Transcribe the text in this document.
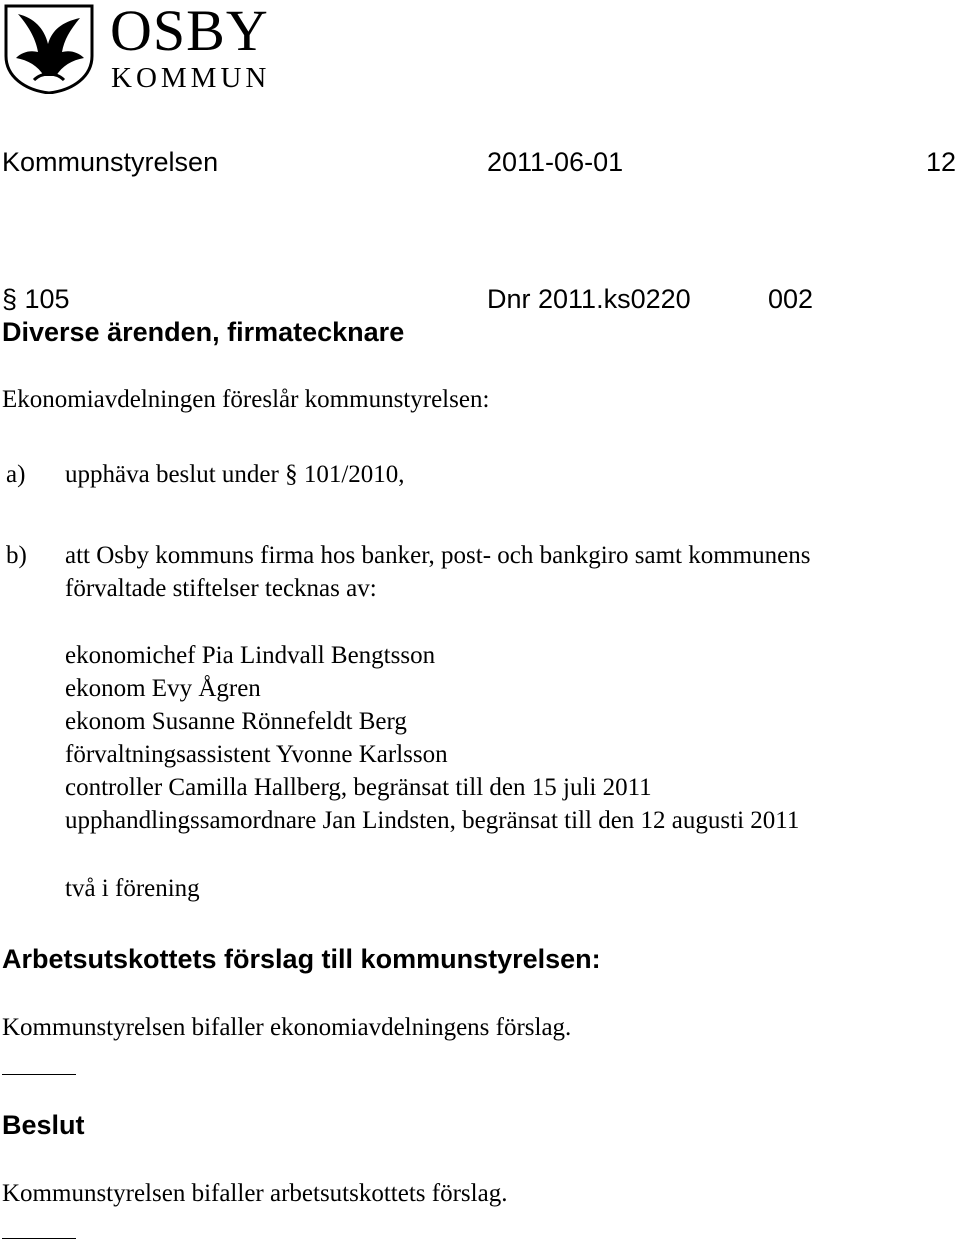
OSBY
KOMMUN
Kommunstyrelsen	2011-06-01	12
§ 105	Dnr 2011.ks0220	002
Diverse ärenden, firmatecknare
Ekonomiavdelningen föreslår kommunstyrelsen:
a) upphäva beslut under § 101/2010,
b) att Osby kommuns firma hos banker, post- och bankgiro samt kommunens
förvaltade stiftelser tecknas av:
ekonomichef Pia Lindvall Bengtsson
ekonom Evy Ågren
ekonom Susanne Rönnefeldt Berg
förvaltningsassistent Yvonne Karlsson
controller Camilla Hallberg, begränsat till den 15 juli 2011
upphandlingssamordnare Jan Lindsten, begränsat till den 12 augusti 2011
två i förening
Arbetsutskottets förslag till kommunstyrelsen:
Kommunstyrelsen bifaller ekonomiavdelningens förslag.
Beslut
Kommunstyrelsen bifaller arbetsutskottets förslag.
